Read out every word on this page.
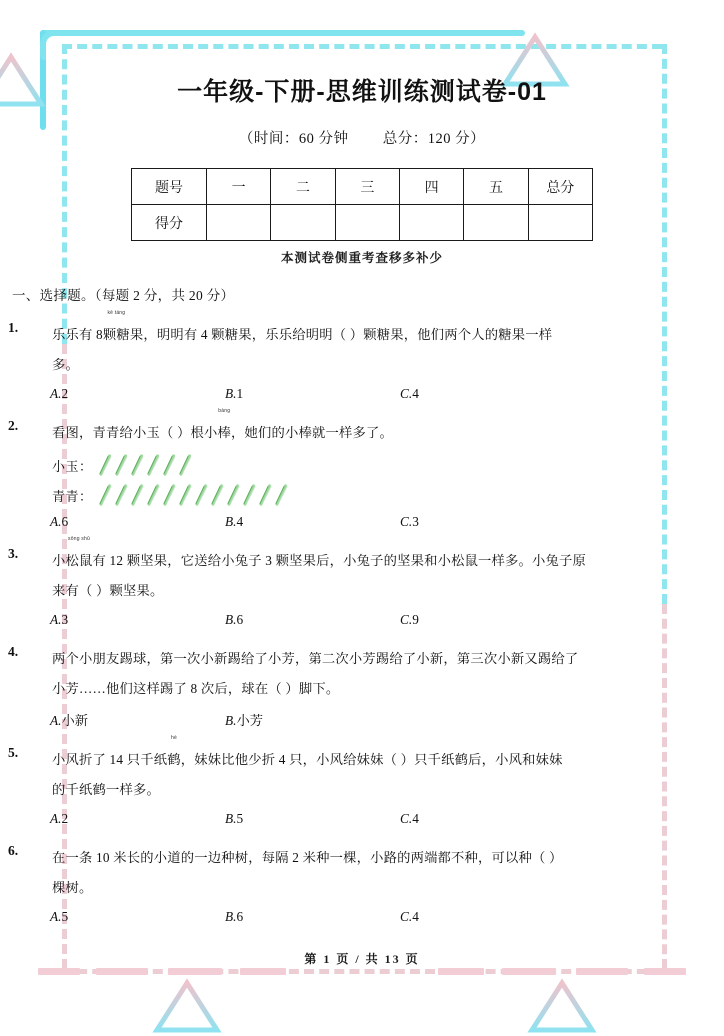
一年级-下册-思维训练测试卷-01
（时间：60 分钟 总分：120 分）
题号	一	二	三	四	五	总分
得分						
本测试卷侧重考查移多补少
一、选择题。（每题 2 分，共 20 分）
1.	乐乐有 8
kē táng
颗糖果，明明有 4 颗糖果，乐乐给明明（ ）颗糖果，他们两个人的糖果一样
多。
A.2	B.1	C.4
2.	看图，青青给小玉（ ）根小
bàng
棒，她们的小棒就一样多了。
小玉：
青青：
A.6	B.4	C.3
3.	小
sōng shǔ
松鼠有 12 颗坚果，它送给小兔子 3 颗坚果后，小兔子的坚果和小松鼠一样多。小兔子原
来有（ ）颗坚果。
A.3	B.6	C.9
4.	两个小朋友踢球，第一次小新踢给了小芳，第二次小芳踢给了小新，第三次小新又踢给了
小芳……他们这样踢了 8 次后，球在（ ）脚下。
A.小新	B.小芳
5.	小风折了 14 只千纸
hè
鹤，妹妹比他少折 4 只，小风给妹妹（ ）只千纸鹤后，小风和妹妹
的千纸鹤一样多。
A.2	B.5	C.4
6.	在一条 10 米长的小道的一边种树，每隔 2 米种一棵，小路的两端都不种，可以种（ ）
棵树。
A.5	B.6	C.4
第 1 页 / 共 13 页
